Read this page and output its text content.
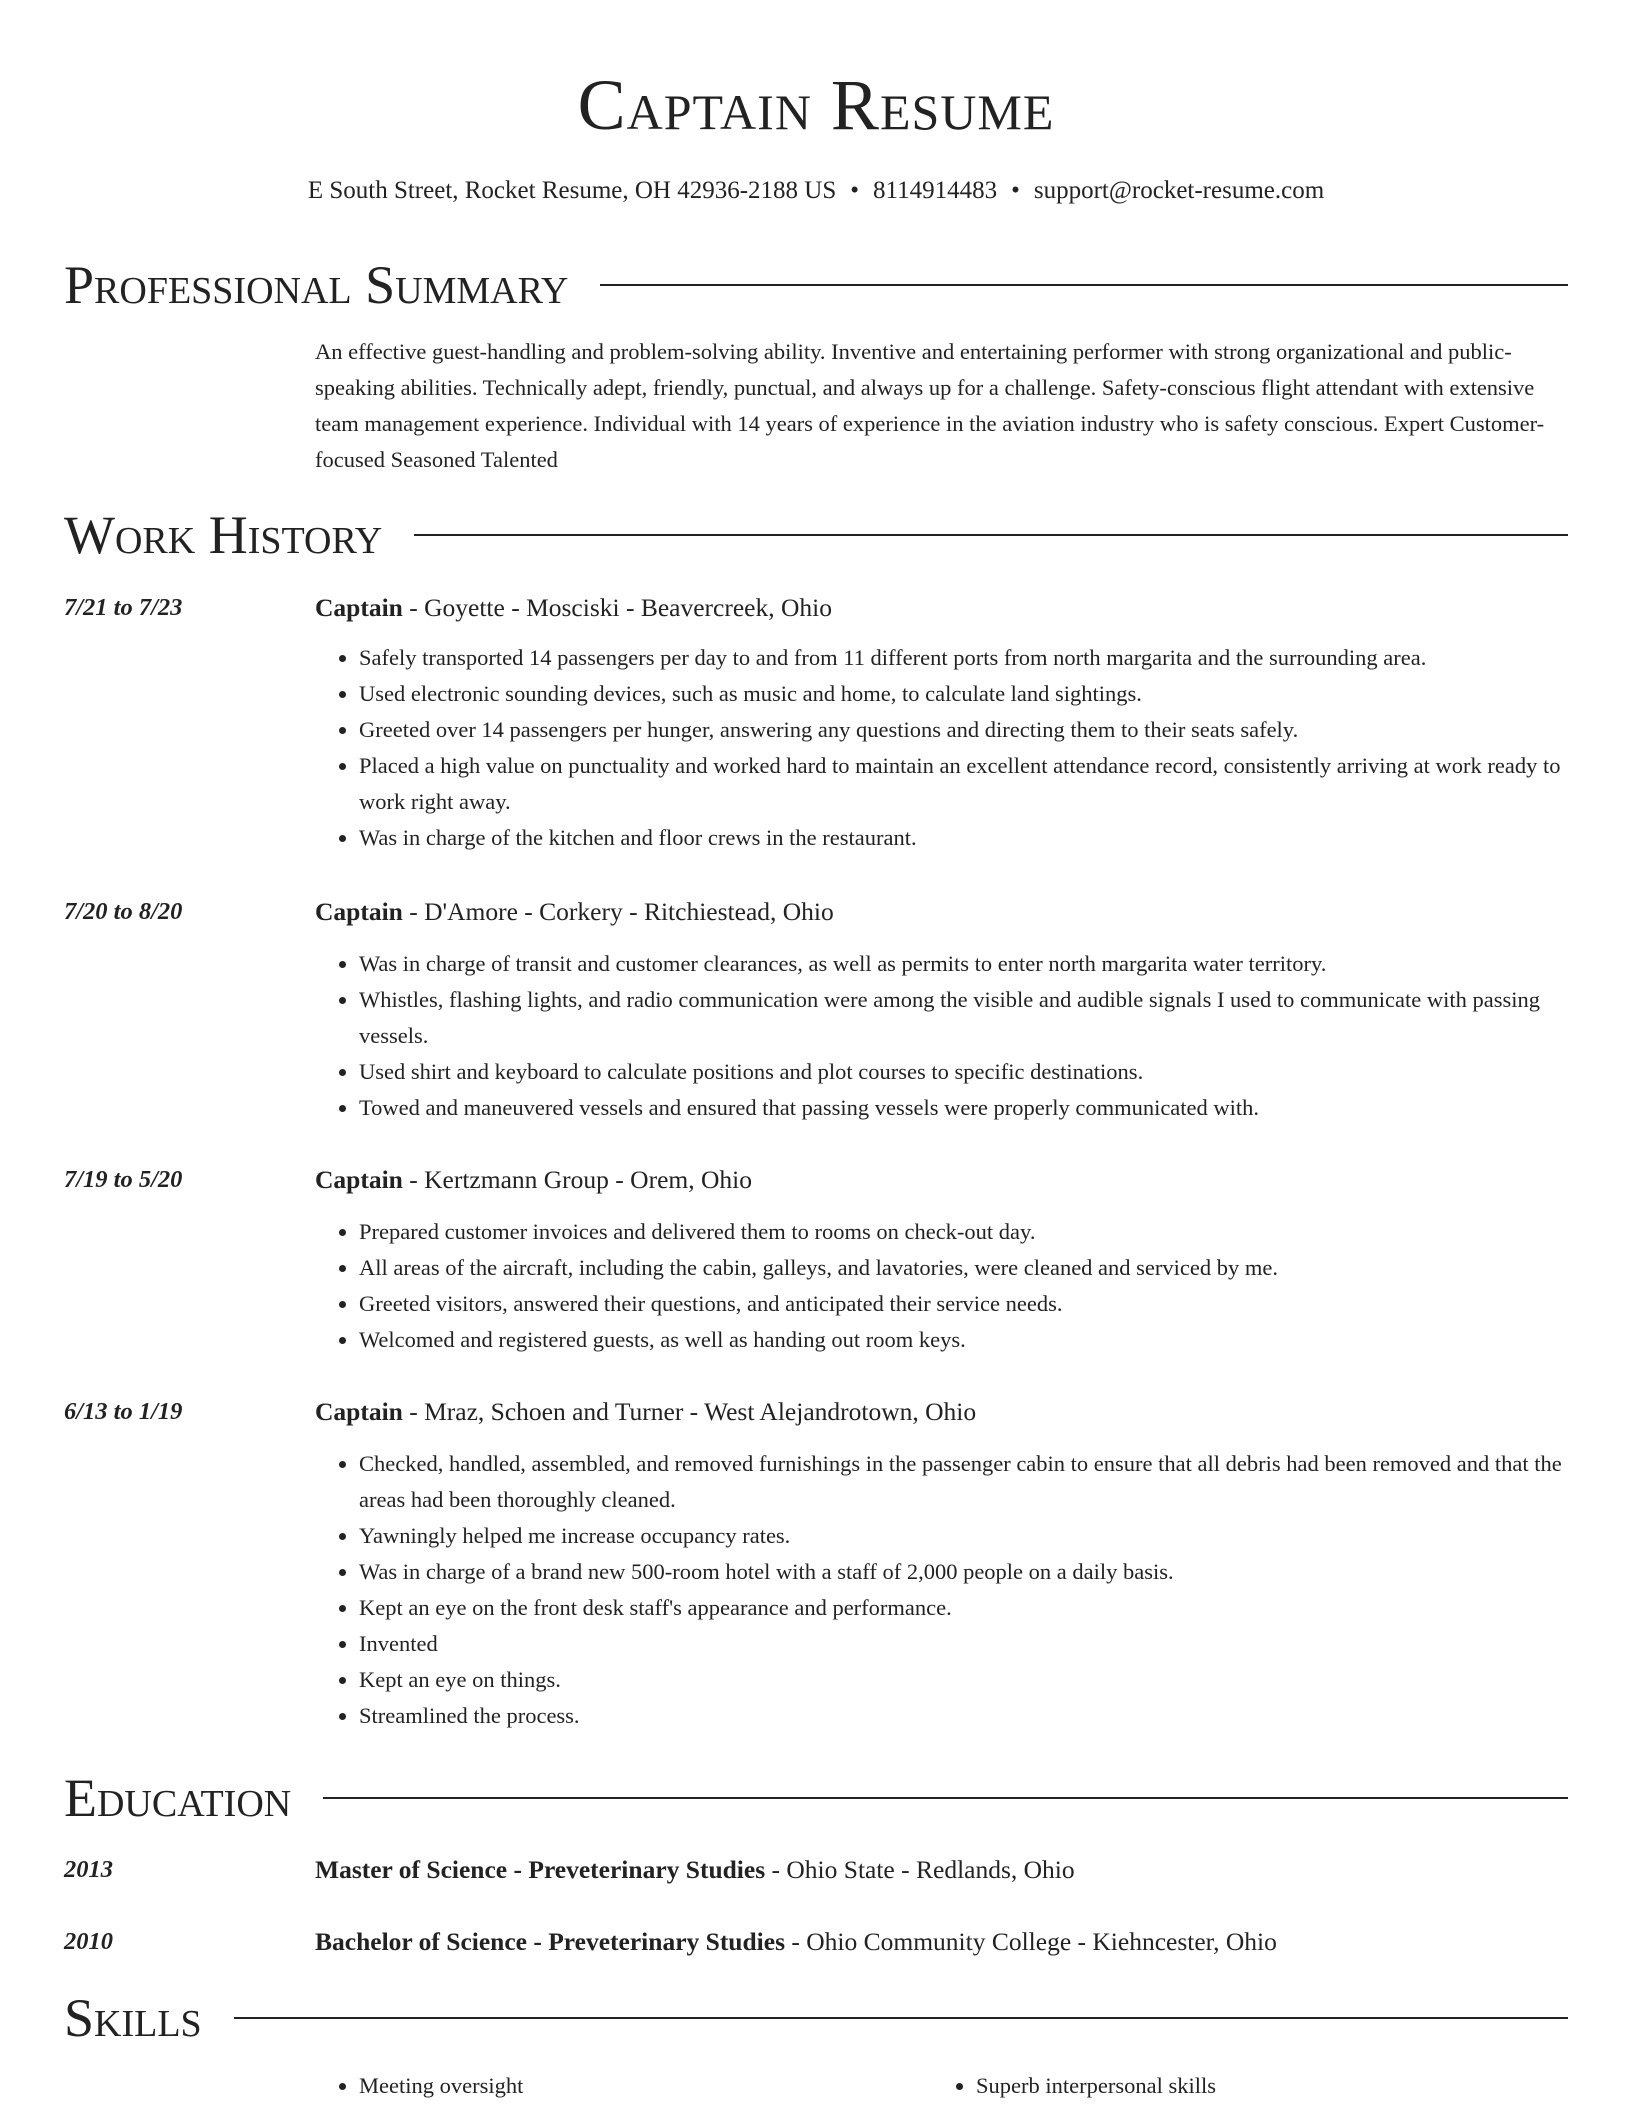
Captain Resume
E South Street, Rocket Resume, OH 42936-2188 US • 8114914483 • support@rocket-resume.com
Professional Summary
An effective guest-handling and problem-solving ability. Inventive and entertaining performer with strong organizational and public-speaking abilities. Technically adept, friendly, punctual, and always up for a challenge. Safety-conscious flight attendant with extensive team management experience. Individual with 14 years of experience in the aviation industry who is safety conscious. Expert Customer-focused Seasoned Talented
Work History
7/21 to 7/23	Captain - Goyette - Mosciski - Beavercreek, Ohio
• Safely transported 14 passengers per day to and from 11 different ports from north margarita and the surrounding area.
• Used electronic sounding devices, such as music and home, to calculate land sightings.
• Greeted over 14 passengers per hunger, answering any questions and directing them to their seats safely.
• Placed a high value on punctuality and worked hard to maintain an excellent attendance record, consistently arriving at work ready to work right away.
• Was in charge of the kitchen and floor crews in the restaurant.
7/20 to 8/20	Captain - D'Amore - Corkery - Ritchiestead, Ohio
• Was in charge of transit and customer clearances, as well as permits to enter north margarita water territory.
• Whistles, flashing lights, and radio communication were among the visible and audible signals I used to communicate with passing vessels.
• Used shirt and keyboard to calculate positions and plot courses to specific destinations.
• Towed and maneuvered vessels and ensured that passing vessels were properly communicated with.
7/19 to 5/20	Captain - Kertzmann Group - Orem, Ohio
• Prepared customer invoices and delivered them to rooms on check-out day.
• All areas of the aircraft, including the cabin, galleys, and lavatories, were cleaned and serviced by me.
• Greeted visitors, answered their questions, and anticipated their service needs.
• Welcomed and registered guests, as well as handing out room keys.
6/13 to 1/19	Captain - Mraz, Schoen and Turner - West Alejandrotown, Ohio
• Checked, handled, assembled, and removed furnishings in the passenger cabin to ensure that all debris had been removed and that the areas had been thoroughly cleaned.
• Yawningly helped me increase occupancy rates.
• Was in charge of a brand new 500-room hotel with a staff of 2,000 people on a daily basis.
• Kept an eye on the front desk staff's appearance and performance.
• Invented
• Kept an eye on things.
• Streamlined the process.
Education
2013	Master of Science - Preveterinary Studies - Ohio State - Redlands, Ohio
2010	Bachelor of Science - Preveterinary Studies - Ohio Community College - Kiehncester, Ohio
Skills
• Meeting oversight
•	Superb interpersonal skills
